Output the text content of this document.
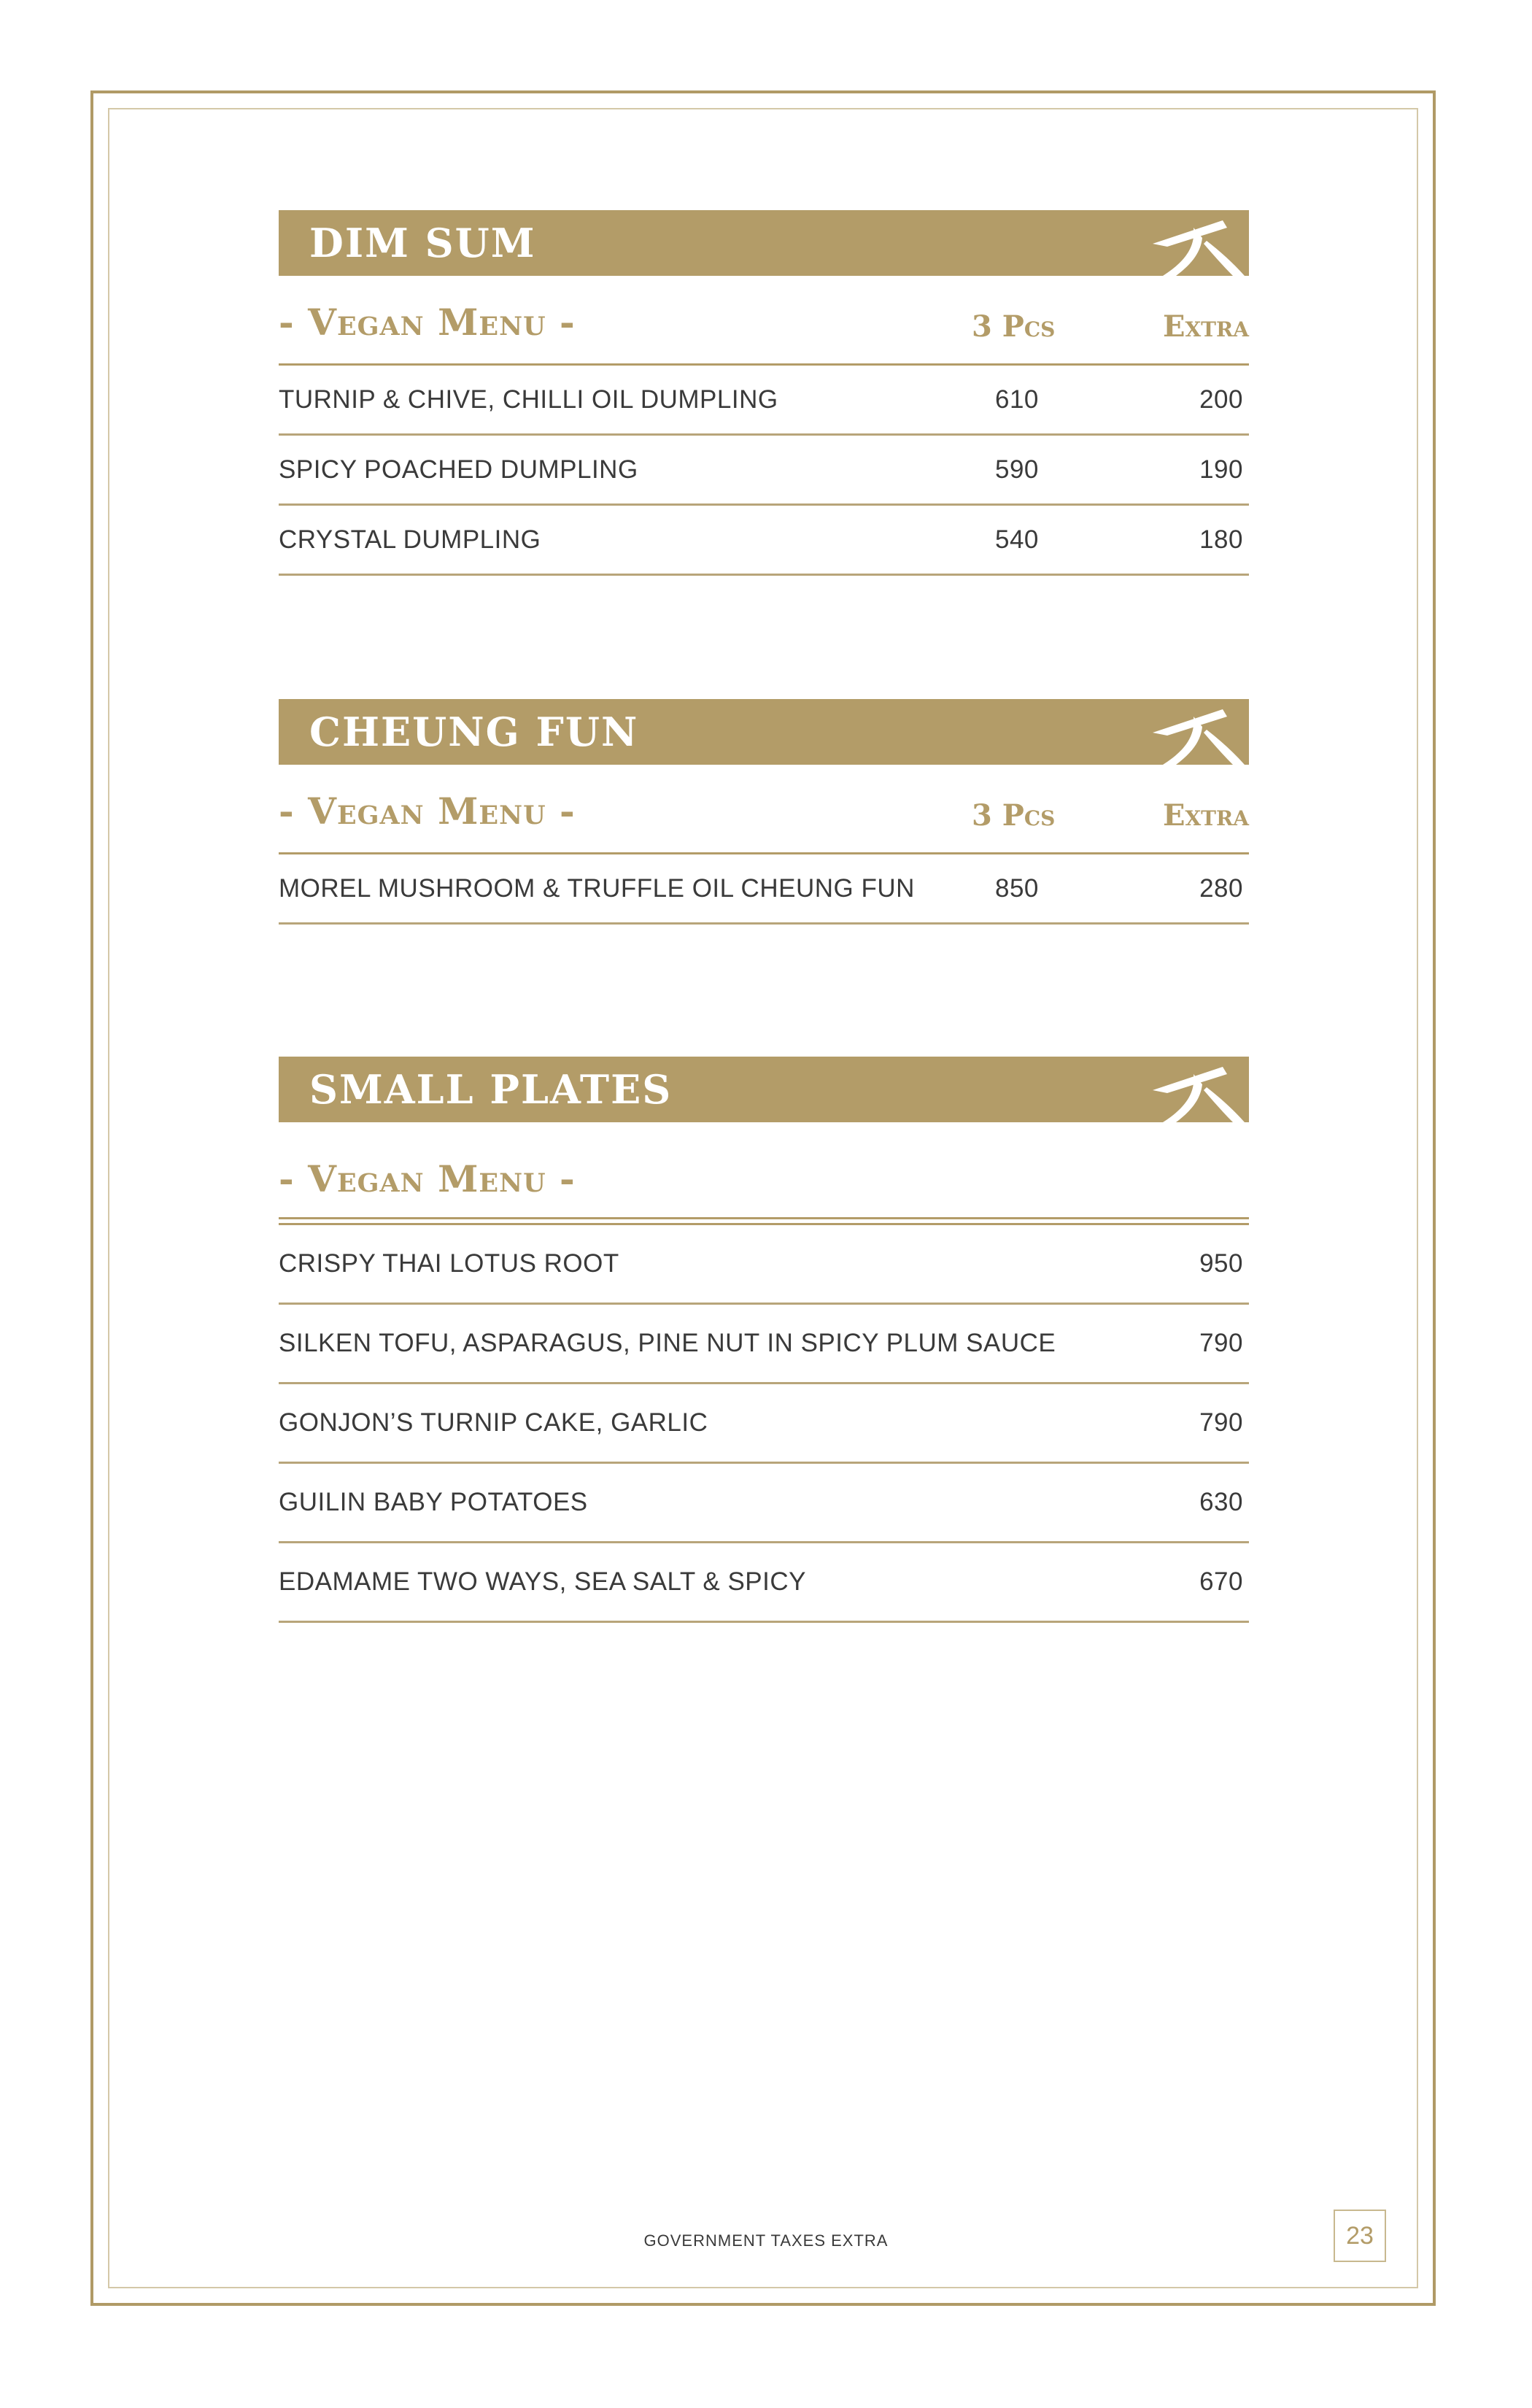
DIM SUM
- Vegan Menu -	3 Pcs	Extra
TURNIP & CHIVE, CHILLI OIL DUMPLING	610	200
SPICY POACHED DUMPLING	590	190
CRYSTAL DUMPLING	540	180
CHEUNG FUN
- Vegan Menu -	3 Pcs	Extra
MOREL MUSHROOM & TRUFFLE OIL CHEUNG FUN	850	280
SMALL PLATES
- Vegan Menu -
CRISPY THAI LOTUS ROOT	950
SILKEN TOFU, ASPARAGUS, PINE NUT IN SPICY PLUM SAUCE	790
GONJON’S TURNIP CAKE, GARLIC	790
GUILIN BABY POTATOES	630
EDAMAME TWO WAYS, SEA SALT & SPICY	670
GOVERNMENT TAXES EXTRA	23
